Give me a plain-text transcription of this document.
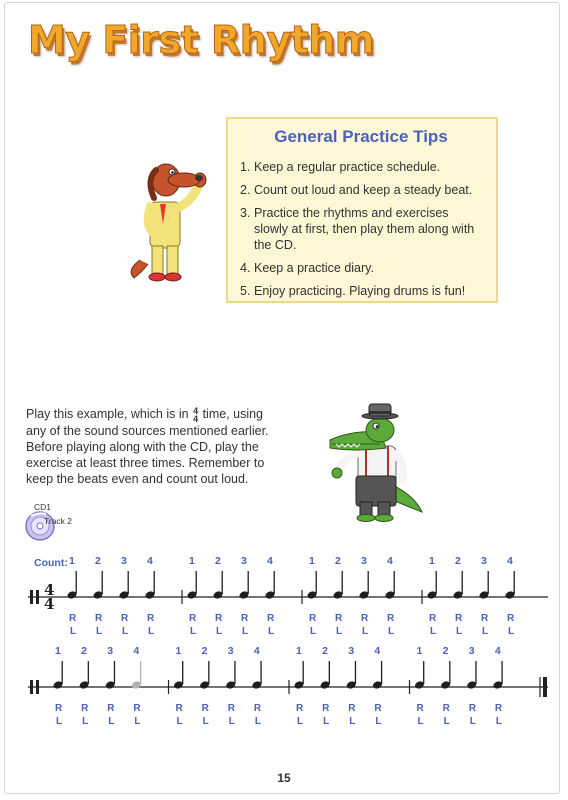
My First Rhythm
General Practice Tips
1. Keep a regular practice schedule.
2. Count out loud and keep a steady beat.
3. Practice the rhythms and exercises slowly at first, then play them along with the CD.
4. Keep a practice diary.
5. Enjoy practicing. Playing drums is fun!
Play this example, which is in 4
4 time, using any of the sound sources mentioned earlier. Before playing along with the CD, play the exercise at least three times. Remember to keep the beats even and count out loud.
CD1
Track 2
Count:
4
4
1
R
L
2
R
L
3
R
L
4
R
L
1
R
L
2
R
L
3
R
L
4
R
L
1
R
L
2
R
L
3
R
L
4
R
L
1
R
L
2
R
L
3
R
L
4
R
L
1
R
L
2
R
L
3
R
L
4
R
L
1
R
L
2
R
L
3
R
L
4
R
L
1
R
L
2
R
L
3
R
L
4
R
L
1
R
L
2
R
L
3
R
L
4
R
L
15
